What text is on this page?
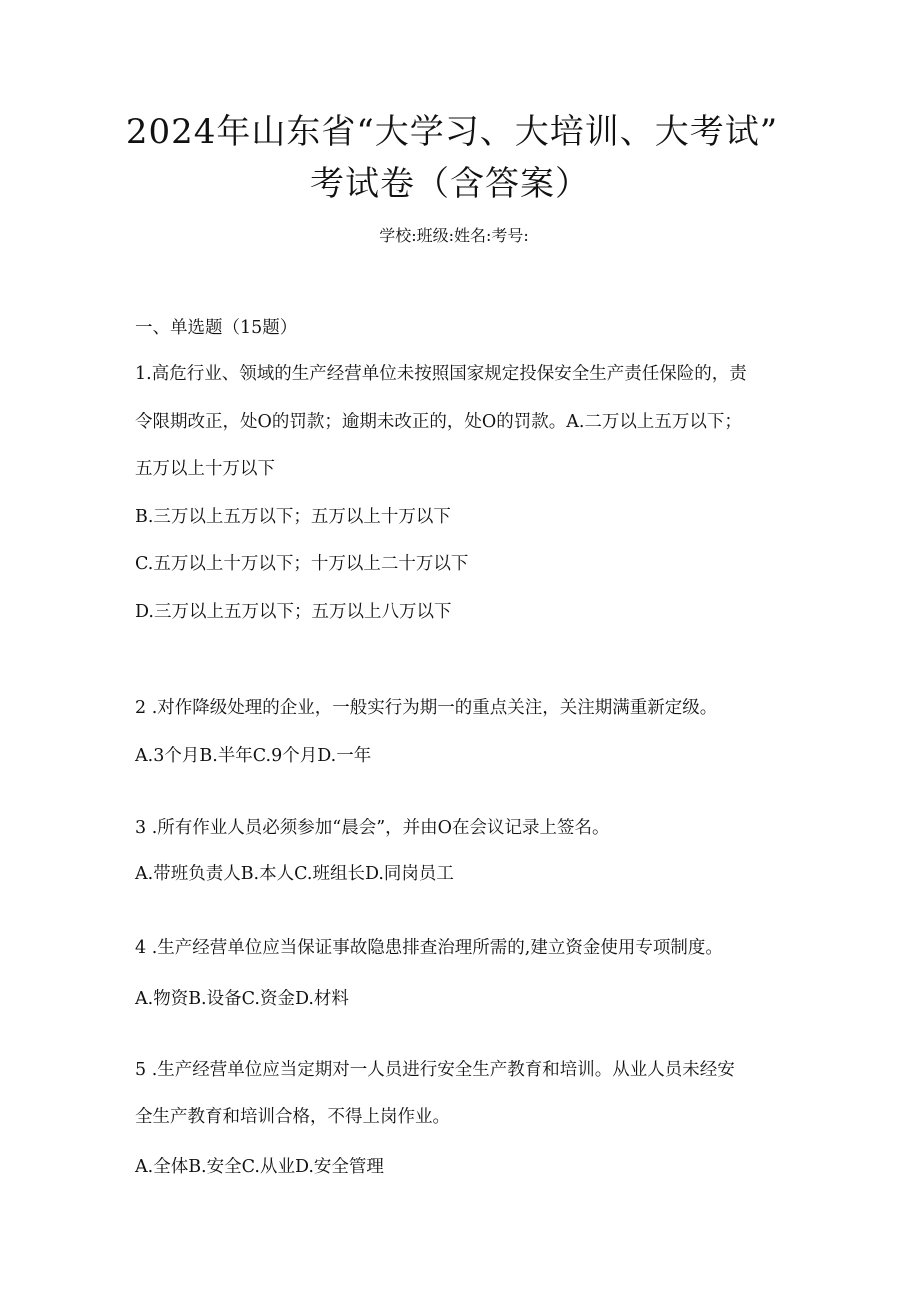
2024年山东省“大学习、大培训、大考试”
考试卷（含答案）
学校:班级:姓名:考号:
一、单选题（15题）
1.高危行业、领域的生产经营单位未按照国家规定投保安全生产责任保险的，责
令限期改正，处O的罚款；逾期未改正的，处O的罚款。A.二万以上五万以下；
五万以上十万以下
B.三万以上五万以下；五万以上十万以下
C.五万以上十万以下；十万以上二十万以下
D.三万以上五万以下；五万以上八万以下
2 .对作降级处理的企业，一般实行为期一的重点关注，关注期满重新定级。
A.3个月B.半年C.9个月D.一年
3 .所有作业人员必须参加“晨会”，并由O在会议记录上签名。
A.带班负责人B.本人C.班组长D.同岗员工
4 .生产经营单位应当保证事故隐患排查治理所需的,建立资金使用专项制度。
A.物资B.设备C.资金D.材料
5 .生产经营单位应当定期对一人员进行安全生产教育和培训。从业人员未经安
全生产教育和培训合格，不得上岗作业。
A.全体B.安全C.从业D.安全管理
